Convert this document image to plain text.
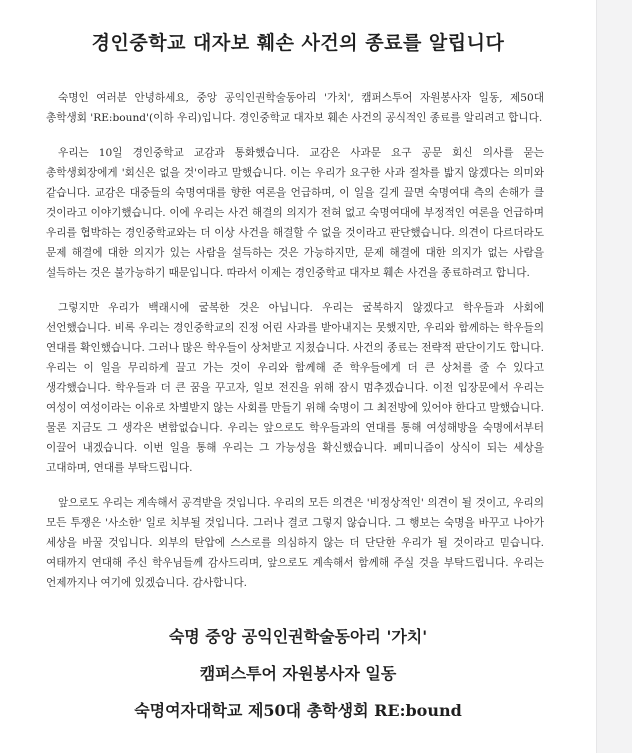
경인중학교 대자보 훼손 사건의 종료를 알립니다

숙명인 여러분 안녕하세요, 중앙 공익인권학술동아리 '가치', 캠퍼스투어 자원봉사자 일동, 제50대 총학생회 'RE:bound'(이하 우리)입니다. 경인중학교 대자보 훼손 사건의 공식적인 종료를 알리려고 합니다.

우리는 10일 경인중학교 교감과 통화했습니다. 교감은 사과문 요구 공문 회신 의사를 묻는 총학생회장에게 '회신은 없을 것'이라고 말했습니다. 이는 우리가 요구한 사과 절차를 밟지 않겠다는 의미와 같습니다. 교감은 대중들의 숙명여대를 향한 여론을 언급하며, 이 일을 길게 끌면 숙명여대 측의 손해가 클 것이라고 이야기했습니다. 이에 우리는 사건 해결의 의지가 전혀 없고 숙명여대에 부정적인 여론을 언급하며 우리를 협박하는 경인중학교와는 더 이상 사건을 해결할 수 없을 것이라고 판단했습니다. 의견이 다르더라도 문제 해결에 대한 의지가 있는 사람을 설득하는 것은 가능하지만, 문제 해결에 대한 의지가 없는 사람을 설득하는 것은 불가능하기 때문입니다. 따라서 이제는 경인중학교 대자보 훼손 사건을 종료하려고 합니다.

그렇지만 우리가 백래시에 굴복한 것은 아닙니다. 우리는 굴복하지 않겠다고 학우들과 사회에 선언했습니다. 비록 우리는 경인중학교의 진정 어린 사과를 받아내지는 못했지만, 우리와 함께하는 학우들의 연대를 확인했습니다. 그러나 많은 학우들이 상처받고 지쳤습니다. 사건의 종료는 전략적 판단이기도 합니다. 우리는 이 일을 무리하게 끌고 가는 것이 우리와 함께해 준 학우들에게 더 큰 상처를 줄 수 있다고 생각했습니다. 학우들과 더 큰 꿈을 꾸고자, 일보 전진을 위해 잠시 멈추겠습니다. 이전 입장문에서 우리는 여성이 여성이라는 이유로 차별받지 않는 사회를 만들기 위해 숙명이 그 최전방에 있어야 한다고 말했습니다. 물론 지금도 그 생각은 변함없습니다. 우리는 앞으로도 학우들과의 연대를 통해 여성해방을 숙명에서부터 이끌어 내겠습니다. 이번 일을 통해 우리는 그 가능성을 확신했습니다. 페미니즘이 상식이 되는 세상을 고대하며, 연대를 부탁드립니다.

앞으로도 우리는 계속해서 공격받을 것입니다. 우리의 모든 의견은 '비정상적인' 의견이 될 것이고, 우리의 모든 투쟁은 '사소한' 일로 치부될 것입니다. 그러나 결코 그렇지 않습니다. 그 행보는 숙명을 바꾸고 나아가 세상을 바꿀 것입니다. 외부의 탄압에 스스로를 의심하지 않는 더 단단한 우리가 될 것이라고 믿습니다. 여태까지 연대해 주신 학우님들께 감사드리며, 앞으로도 계속해서 함께해 주실 것을 부탁드립니다. 우리는 언제까지나 여기에 있겠습니다. 감사합니다.

숙명 중앙 공익인권학술동아리 '가치'
캠퍼스투어 자원봉사자 일동
숙명여자대학교 제50대 총학생회 RE:bound
